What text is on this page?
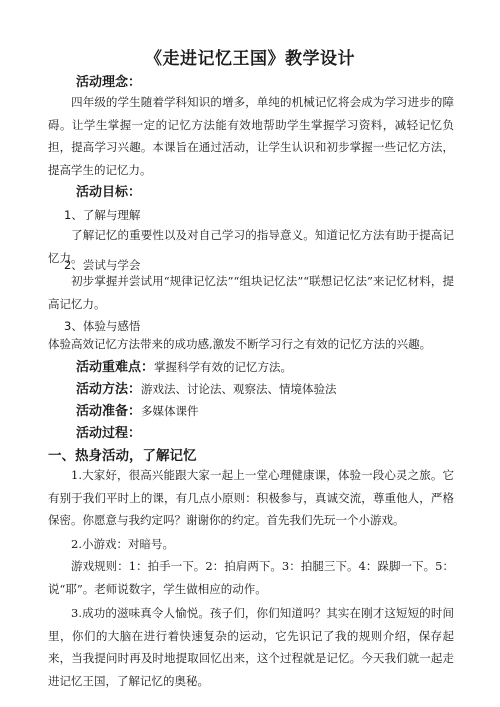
《走进记忆王国》教学设计
活动理念：
四年级的学生随着学科知识的增多，单纯的机械记忆将会成为学习进步的障碍。让学生掌握一定的记忆方法能有效地帮助学生掌握学习资料，减轻记忆负担，提高学习兴趣。本课旨在通过活动，让学生认识和初步掌握一些记忆方法，提高学生的记忆力。
活动目标：
1、了解与理解
了解记忆的重要性以及对自己学习的指导意义。知道记忆方法有助于提高记忆力。
2、尝试与学会
初步掌握并尝试用“规律记忆法”“组块记忆法”“联想记忆法”来记忆材料，提高记忆力。
3、体验与感悟
体验高效记忆方法带来的成功感,激发不断学习行之有效的记忆方法的兴趣。
活动重难点：掌握科学有效的记忆方法。
活动方法：游戏法、讨论法、观察法、情境体验法
活动准备：多媒体课件
活动过程：
一、热身活动，了解记忆
1.大家好，很高兴能跟大家一起上一堂心理健康课，体验一段心灵之旅。它有别于我们平时上的课，有几点小原则：积极参与，真诚交流，尊重他人，严格保密。你愿意与我约定吗？谢谢你的约定。首先我们先玩一个小游戏。
2.小游戏：对暗号。
游戏规则：1：拍手一下。2：拍肩两下。3：拍腿三下。4：跺脚一下。5：说“耶”。老师说数字，学生做相应的动作。
3.成功的滋味真令人愉悦。孩子们，你们知道吗？其实在刚才这短短的时间里，你们的大脑在进行着快速复杂的运动，它先识记了我的规则介绍，保存起来，当我提问时再及时地提取回忆出来，这个过程就是记忆。今天我们就一起走进记忆王国，了解记忆的奥秘。
